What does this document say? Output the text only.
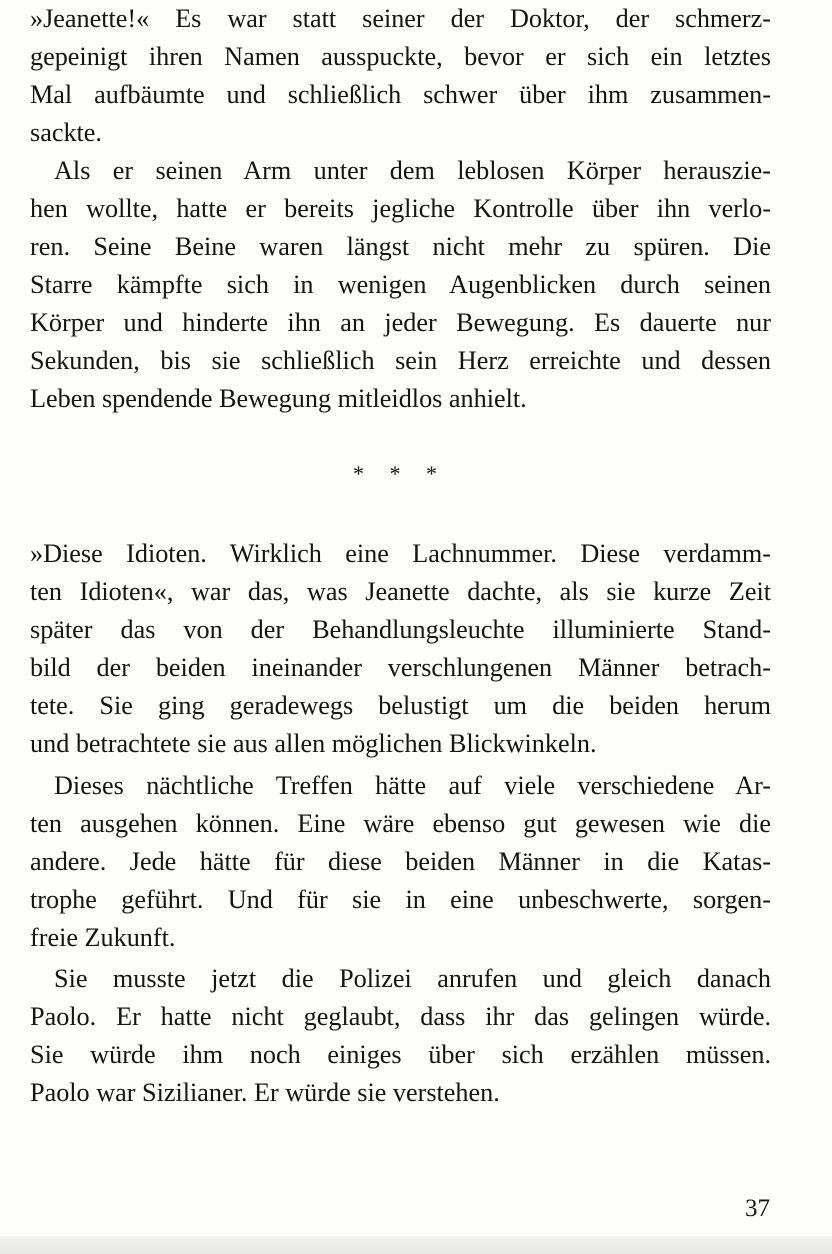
»Jeanette!« Es war statt seiner der Doktor, der schmerz-
gepeinigt ihren Namen ausspuckte, bevor er sich ein letztes
Mal aufbäumte und schließlich schwer über ihm zusammen-
sackte.
Als er seinen Arm unter dem leblosen Körper herauszie-
hen wollte, hatte er bereits jegliche Kontrolle über ihn verlo-
ren. Seine Beine waren längst nicht mehr zu spüren. Die
Starre kämpfte sich in wenigen Augenblicken durch seinen
Körper und hinderte ihn an jeder Bewegung. Es dauerte nur
Sekunden, bis sie schließlich sein Herz erreichte und dessen
Leben spendende Bewegung mitleidlos anhielt.
* * *
»Diese Idioten. Wirklich eine Lachnummer. Diese verdamm-
ten Idioten«, war das, was Jeanette dachte, als sie kurze Zeit
später das von der Behandlungsleuchte illuminierte Stand-
bild der beiden ineinander verschlungenen Männer betrach-
tete. Sie ging geradewegs belustigt um die beiden herum
und betrachtete sie aus allen möglichen Blickwinkeln.
Dieses nächtliche Treffen hätte auf viele verschiedene Ar-
ten ausgehen können. Eine wäre ebenso gut gewesen wie die
andere. Jede hätte für diese beiden Männer in die Katas-
trophe geführt. Und für sie in eine unbeschwerte, sorgen-
freie Zukunft.
Sie musste jetzt die Polizei anrufen und gleich danach
Paolo. Er hatte nicht geglaubt, dass ihr das gelingen würde.
Sie würde ihm noch einiges über sich erzählen müssen.
Paolo war Sizilianer. Er würde sie verstehen.
37
